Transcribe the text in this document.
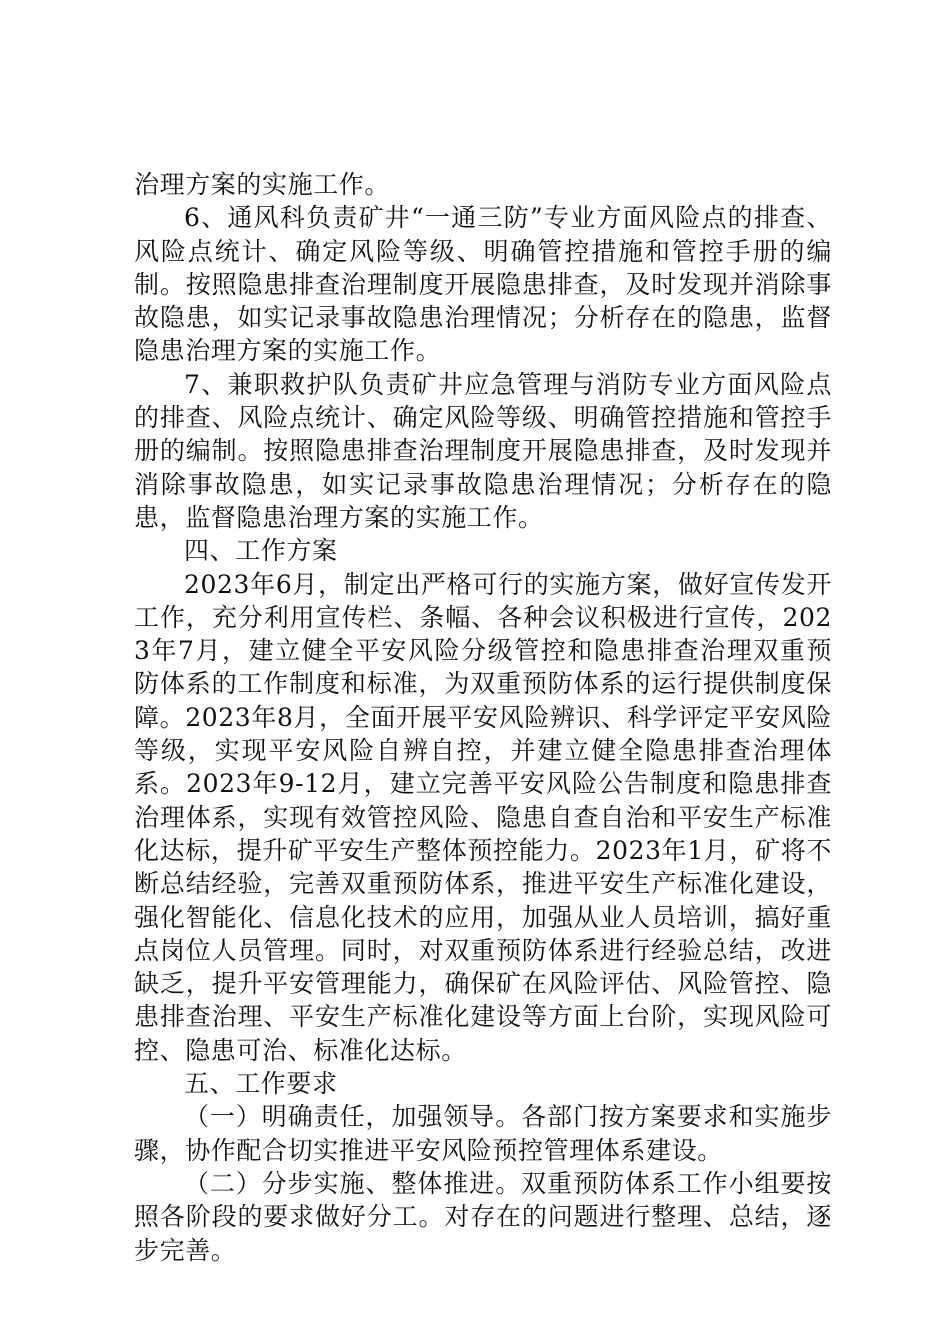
治理方案的实施工作。

6、通风科负责矿井“一通三防”专业方面风险点的排查、风险点统计、确定风险等级、明确管控措施和管控手册的编制。按照隐患排查治理制度开展隐患排查，及时发现并消除事故隐患，如实记录事故隐患治理情况；分析存在的隐患，监督隐患治理方案的实施工作。

7、兼职救护队负责矿井应急管理与消防专业方面风险点的排查、风险点统计、确定风险等级、明确管控措施和管控手册的编制。按照隐患排查治理制度开展隐患排查，及时发现并消除事故隐患，如实记录事故隐患治理情况；分析存在的隐患，监督隐患治理方案的实施工作。

四、工作方案

2023年6月，制定出严格可行的实施方案，做好宣传发开工作，充分利用宣传栏、条幅、各种会议积极进行宣传，2023年7月，建立健全平安风险分级管控和隐患排查治理双重预防体系的工作制度和标准，为双重预防体系的运行提供制度保障。2023年8月，全面开展平安风险辨识、科学评定平安风险等级，实现平安风险自辨自控，并建立健全隐患排查治理体系。2023年9-12月，建立完善平安风险公告制度和隐患排查治理体系，实现有效管控风险、隐患自查自治和平安生产标准化达标，提升矿平安生产整体预控能力。2023年1月，矿将不断总结经验，完善双重预防体系，推进平安生产标准化建设，强化智能化、信息化技术的应用，加强从业人员培训，搞好重点岗位人员管理。同时，对双重预防体系进行经验总结，改进缺乏，提升平安管理能力，确保矿在风险评估、风险管控、隐患排查治理、平安生产标准化建设等方面上台阶，实现风险可控、隐患可治、标准化达标。

五、工作要求

（一）明确责任，加强领导。各部门按方案要求和实施步骤，协作配合切实推进平安风险预控管理体系建设。

（二）分步实施、整体推进。双重预防体系工作小组要按照各阶段的要求做好分工。对存在的问题进行整理、总结，逐步完善。
